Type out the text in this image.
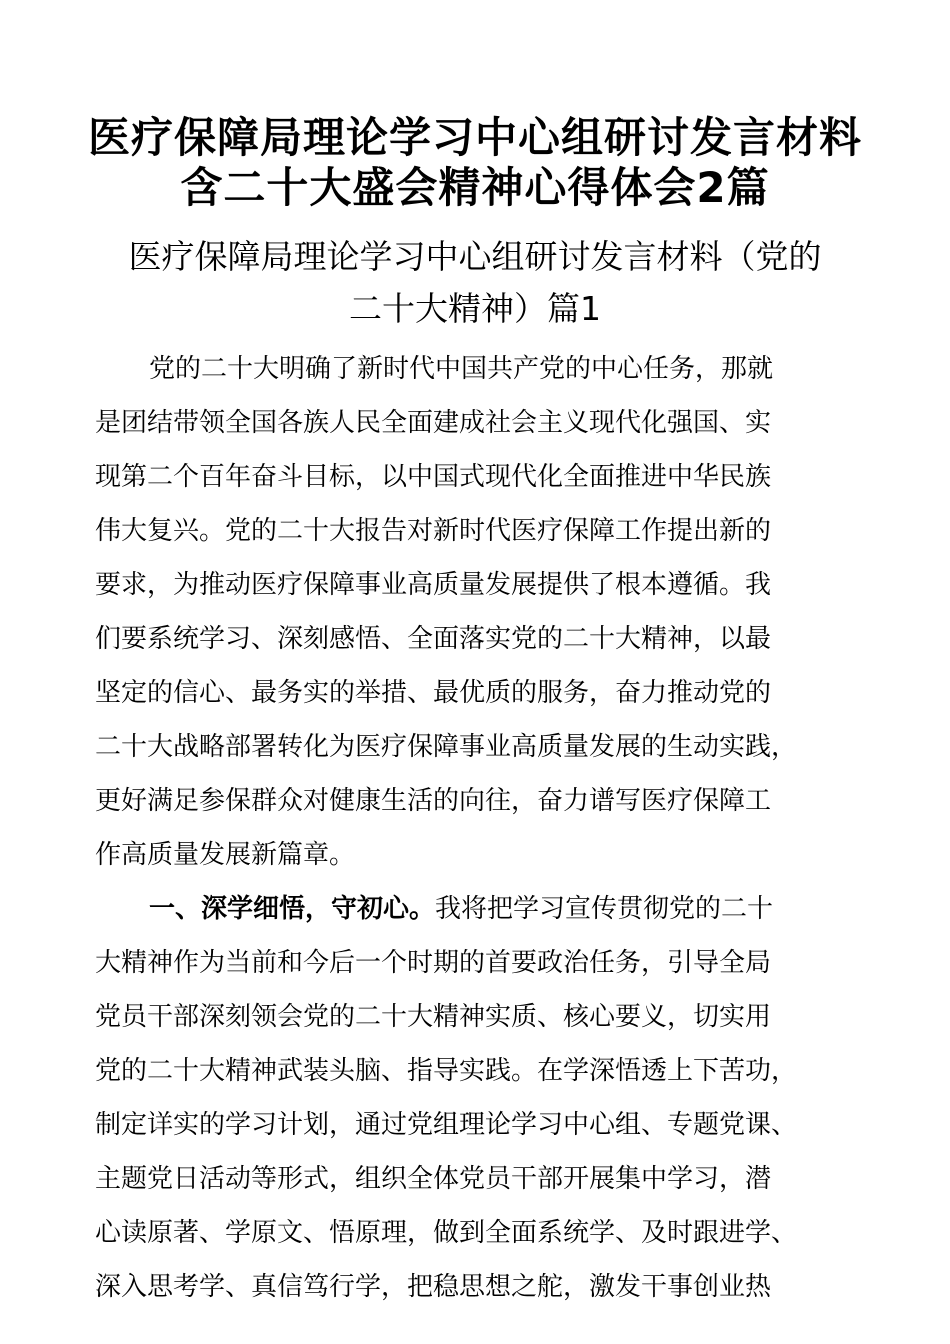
医疗保障局理论学习中心组研讨发言材料
含二十大盛会精神心得体会2篇
医疗保障局理论学习中心组研讨发言材料（党的
二十大精神）篇1

党的二十大明确了新时代中国共产党的中心任务，那就

是团结带领全国各族人民全面建成社会主义现代化强国、实

现第二个百年奋斗目标，以中国式现代化全面推进中华民族

伟大复兴。党的二十大报告对新时代医疗保障工作提出新的

要求，为推动医疗保障事业高质量发展提供了根本遵循。我

们要系统学习、深刻感悟、全面落实党的二十大精神，以最

坚定的信心、最务实的举措、最优质的服务，奋力推动党的

二十大战略部署转化为医疗保障事业高质量发展的生动实践，

更好满足参保群众对健康生活的向往，奋力谱写医疗保障工

作高质量发展新篇章。

一、深学细悟，守初心。 我将把学习宣传贯彻党的二十

大精神作为当前和今后一个时期的首要政治任务，引导全局

党员干部深刻领会党的二十大精神实质、核心要义，切实用

党的二十大精神武装头脑、指导实践。在学深悟透上下苦功，

制定详实的学习计划，通过党组理论学习中心组、专题党课、

主题党日活动等形式，组织全体党员干部开展集中学习，潜

心读原著、学原文、悟原理，做到全面系统学、及时跟进学、

深入思考学、真信笃行学，把稳思想之舵，激发干事创业热
